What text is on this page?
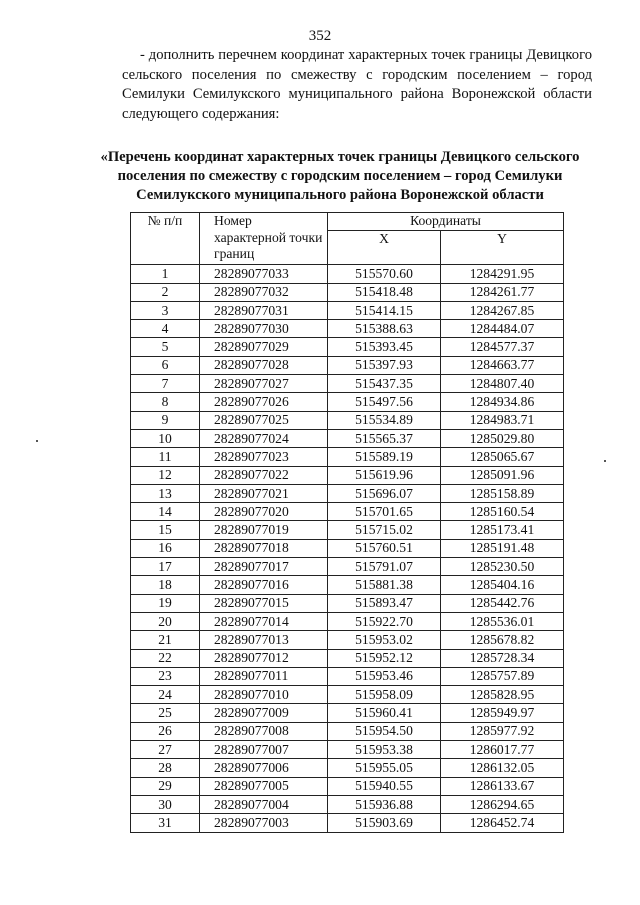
352

- дополнить перечнем координат характерных точек границы Девицкого сельского поселения по смежеству с городским поселением – город Семилуки Семилукского муниципального района Воронежской области следующего содержания:

«Перечень координат характерных точек границы Девицкого сельского поселения по смежеству с городским поселением – город Семилуки Семилукского муниципального района Воронежской области
№ п/п	Номер характерной точки границ	Координаты	
		X	Y
1	28289077033	515570.60	1284291.95
2	28289077032	515418.48	1284261.77
3	28289077031	515414.15	1284267.85
4	28289077030	515388.63	1284484.07
5	28289077029	515393.45	1284577.37
6	28289077028	515397.93	1284663.77
7	28289077027	515437.35	1284807.40
8	28289077026	515497.56	1284934.86
9	28289077025	515534.89	1284983.71
10	28289077024	515565.37	1285029.80
11	28289077023	515589.19	1285065.67
12	28289077022	515619.96	1285091.96
13	28289077021	515696.07	1285158.89
14	28289077020	515701.65	1285160.54
15	28289077019	515715.02	1285173.41
16	28289077018	515760.51	1285191.48
17	28289077017	515791.07	1285230.50
18	28289077016	515881.38	1285404.16
19	28289077015	515893.47	1285442.76
20	28289077014	515922.70	1285536.01
21	28289077013	515953.02	1285678.82
22	28289077012	515952.12	1285728.34
23	28289077011	515953.46	1285757.89
24	28289077010	515958.09	1285828.95
25	28289077009	515960.41	1285949.97
26	28289077008	515954.50	1285977.92
27	28289077007	515953.38	1286017.77
28	28289077006	515955.05	1286132.05
29	28289077005	515940.55	1286133.67
30	28289077004	515936.88	1286294.65
31	28289077003	515903.69	1286452.74
